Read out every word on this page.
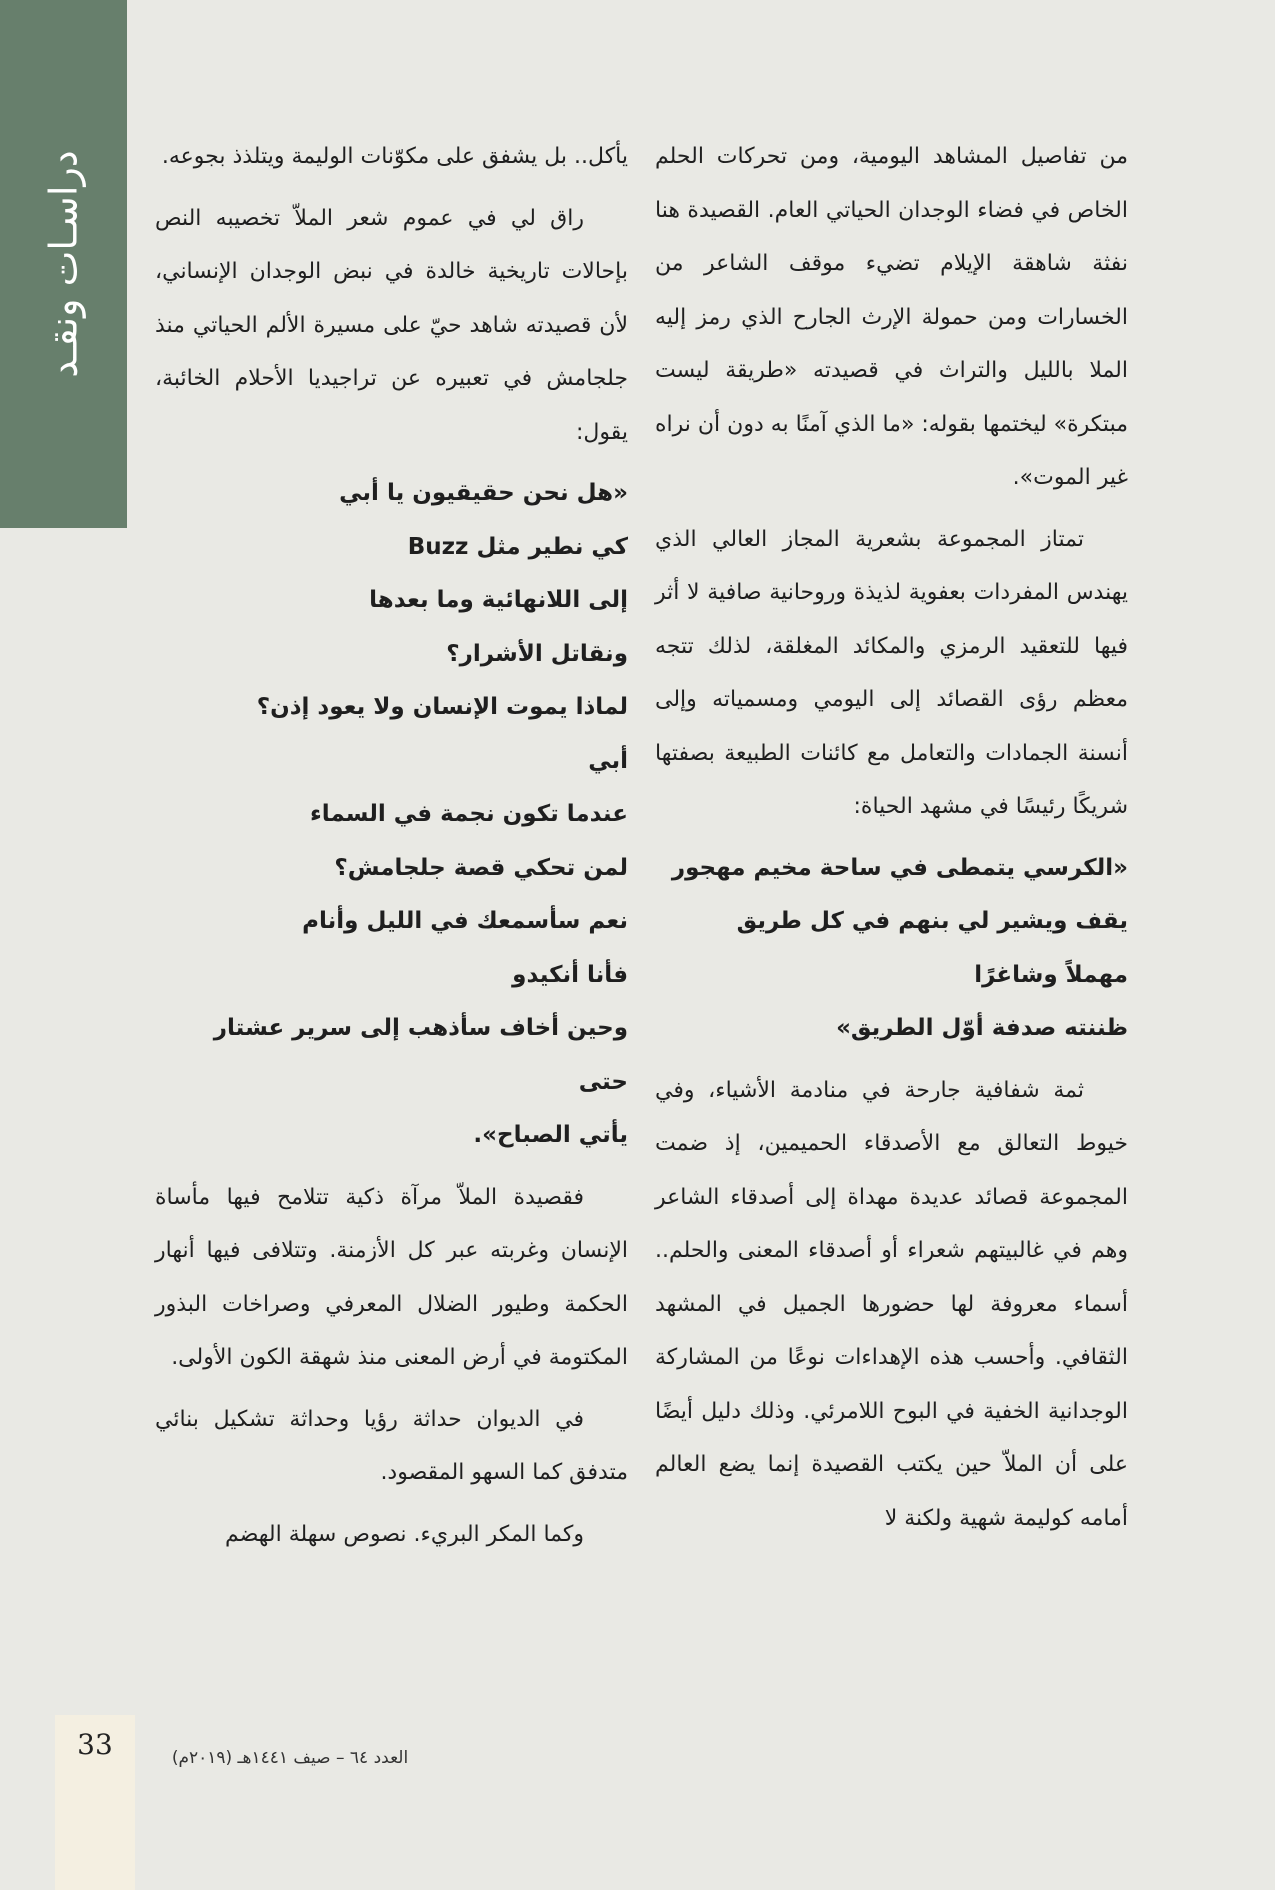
دراسـات ونقـد	من تفاصيل المشاهد اليومية، ومن تحركات الحلم الخاص في فضاء الوجدان الحياتي العام. القصيدة هنا نفثة شاهقة الإيلام تضيء موقف الشاعر من الخسارات ومن حمولة الإرث الجارح الذي رمز إليه الملا بالليل والتراث في قصيدته «طريقة ليست مبتكرة» ليختمها بقوله: «ما الذي آمنًا به دون أن نراه غير الموت».

تمتاز المجموعة بشعرية المجاز العالي الذي يهندس المفردات بعفوية لذيذة وروحانية صافية لا أثر فيها للتعقيد الرمزي والمكائد المغلقة، لذلك تتجه معظم رؤى القصائد إلى اليومي ومسمياته وإلى أنسنة الجمادات والتعامل مع كائنات الطبيعة بصفتها شريكًا رئيسًا في مشهد الحياة:

«الكرسي يتمطى في ساحة مخيم مهجور
يقف ويشير لي بنهم في كل طريق
مهملاً وشاغرًا
ظننته صدفة أوّل الطريق»

ثمة شفافية جارحة في منادمة الأشياء، وفي خيوط التعالق مع الأصدقاء الحميمين، إذ ضمت المجموعة قصائد عديدة مهداة إلى أصدقاء الشاعر وهم في غالبيتهم شعراء أو أصدقاء المعنى والحلم.. أسماء معروفة لها حضورها الجميل في المشهد الثقافي. وأحسب هذه الإهداءات نوعًا من المشاركة الوجدانية الخفية في البوح اللامرئي. وذلك دليل أيضًا على أن الملاّ حين يكتب القصيدة إنما يضع العالم أمامه كوليمة شهية ولكنة لا

يأكل.. بل يشفق على مكوّنات الوليمة ويتلذذ بجوعه.

راق لي في عموم شعر الملاّ تخصيبه النص بإحالات تاريخية خالدة في نبض الوجدان الإنساني، لأن قصيدته شاهد حيّ على مسيرة الألم الحياتي منذ جلجامش في تعبيره عن تراجيديا الأحلام الخائبة، يقول:

«هل نحن حقيقيون يا أبي
كي نطير مثل Buzz
إلى اللانهائية وما بعدها
ونقاتل الأشرار؟
لماذا يموت الإنسان ولا يعود إذن؟
أبي
عندما تكون نجمة في السماء
لمن تحكي قصة جلجامش؟
نعم سأسمعك في الليل وأنام
فأنا أنكيدو
وحين أخاف سأذهب إلى سرير عشتار
حتى
يأتي الصباح».

فقصيدة الملاّ مرآة ذكية تتلامح فيها مأساة الإنسان وغربته عبر كل الأزمنة. وتتلافى فيها أنهار الحكمة وطيور الضلال المعرفي وصراخات البذور المكتومة في أرض المعنى منذ شهقة الكون الأولى.

في الديوان حداثة رؤيا وحداثة تشكيل بنائي متدفق كما السهو المقصود.

وكما المكر البريء. نصوص سهلة الهضم

33	العدد ٦٤ – صيف ١٤٤١هـ (٢٠١٩م)
